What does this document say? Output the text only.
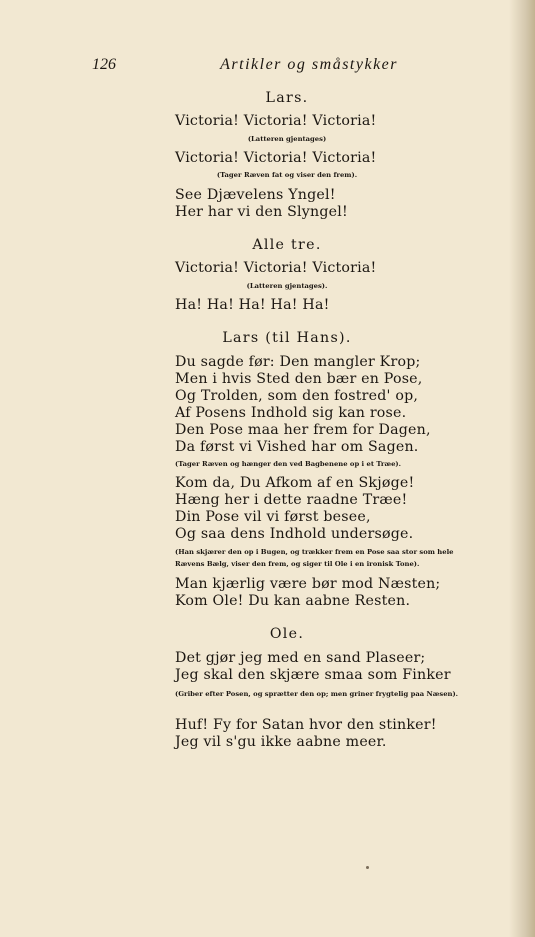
126	Artikler og småstykker
Lars.
Victoria! Victoria! Victoria!
(Latteren gjentages)
Victoria! Victoria! Victoria!
(Tager Ræven fat og viser den frem).
See Djævelens Yngel!
Her har vi den Slyngel!
Alle tre.
Victoria! Victoria! Victoria!
(Latteren gjentages).
Ha! Ha! Ha! Ha! Ha!
Lars (til Hans).
Du sagde før: Den mangler Krop;
Men i hvis Sted den bær en Pose,
Og Trolden, som den fostred' op,
Af Posens Indhold sig kan rose.
Den Pose maa her frem for Dagen,
Da først vi Vished har om Sagen.
(Tager Ræven og hænger den ved Bagbenene op i et Træe).
Kom da, Du Afkom af en Skjøge!
Hæng her i dette raadne Træe!
Din Pose vil vi først besee,
Og saa dens Indhold undersøge.
(Han skjærer den op i Bugen, og trækker frem en Pose saa stor som hele Rævens Bælg, viser den frem, og siger til Ole i en ironisk Tone).
Man kjærlig være bør mod Næsten;
Kom Ole! Du kan aabne Resten.
Ole.
Det gjør jeg med en sand Plaseer;
Jeg skal den skjære smaa som Finker
(Griber efter Posen, og sprætter den op; men griner frygtelig paa Næsen).
Huf! Fy for Satan hvor den stinker!
Jeg vil s'gu ikke aabne meer.
